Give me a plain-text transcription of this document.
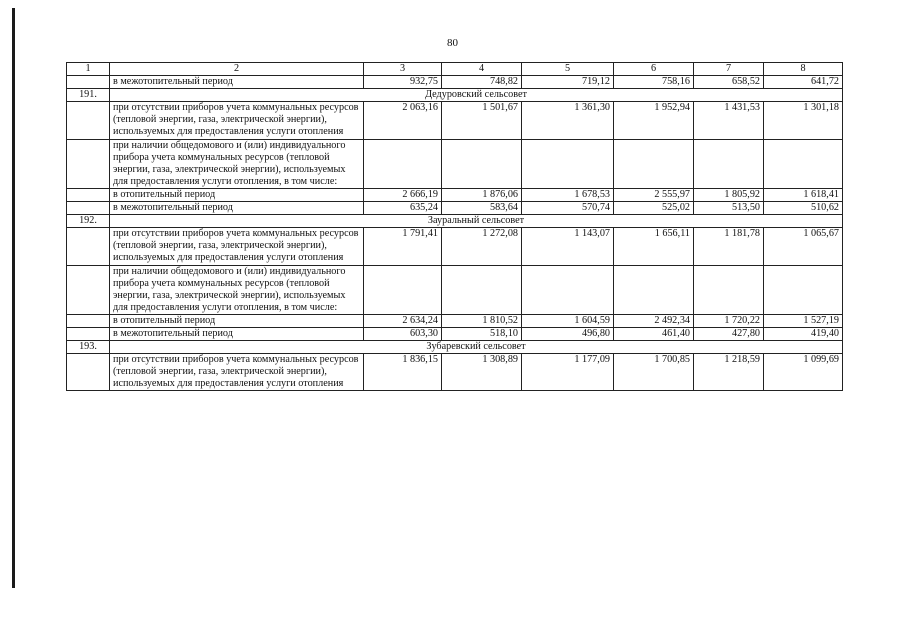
80
1	2	3	4	5	6	7	8
	в межотопительный период	932,75	748,82	719,12	758,16	658,52	641,72
191.	Дедуровский сельсовет						
	при отсутствии приборов учета коммунальных ресурсов (тепловой энергии, газа, электрической энергии), используемых для предоставления услуги отопления	2 063,16	1 501,67	1 361,30	1 952,94	1 431,53	1 301,18
	при наличии общедомового и (или) индивидуального прибора учета коммунальных ресурсов (тепловой энергии, газа, электрической энергии), используемых для предоставления услуги отопления, в том числе:						
	в отопительный период	2 666,19	1 876,06	1 678,53	2 555,97	1 805,92	1 618,41
	в межотопительный период	635,24	583,64	570,74	525,02	513,50	510,62
192.	Зауральный сельсовет						
	при отсутствии приборов учета коммунальных ресурсов (тепловой энергии, газа, электрической энергии), используемых для предоставления услуги отопления	1 791,41	1 272,08	1 143,07	1 656,11	1 181,78	1 065,67
	при наличии общедомового и (или) индивидуального прибора учета коммунальных ресурсов (тепловой энергии, газа, электрической энергии), используемых для предоставления услуги отопления, в том числе:						
	в отопительный период	2 634,24	1 810,52	1 604,59	2 492,34	1 720,22	1 527,19
	в межотопительный период	603,30	518,10	496,80	461,40	427,80	419,40
193.	Зубаревский сельсовет						
	при отсутствии приборов учета коммунальных ресурсов (тепловой энергии, газа, электрической энергии), используемых для предоставления услуги отопления	1 836,15	1 308,89	1 177,09	1 700,85	1 218,59	1 099,69
